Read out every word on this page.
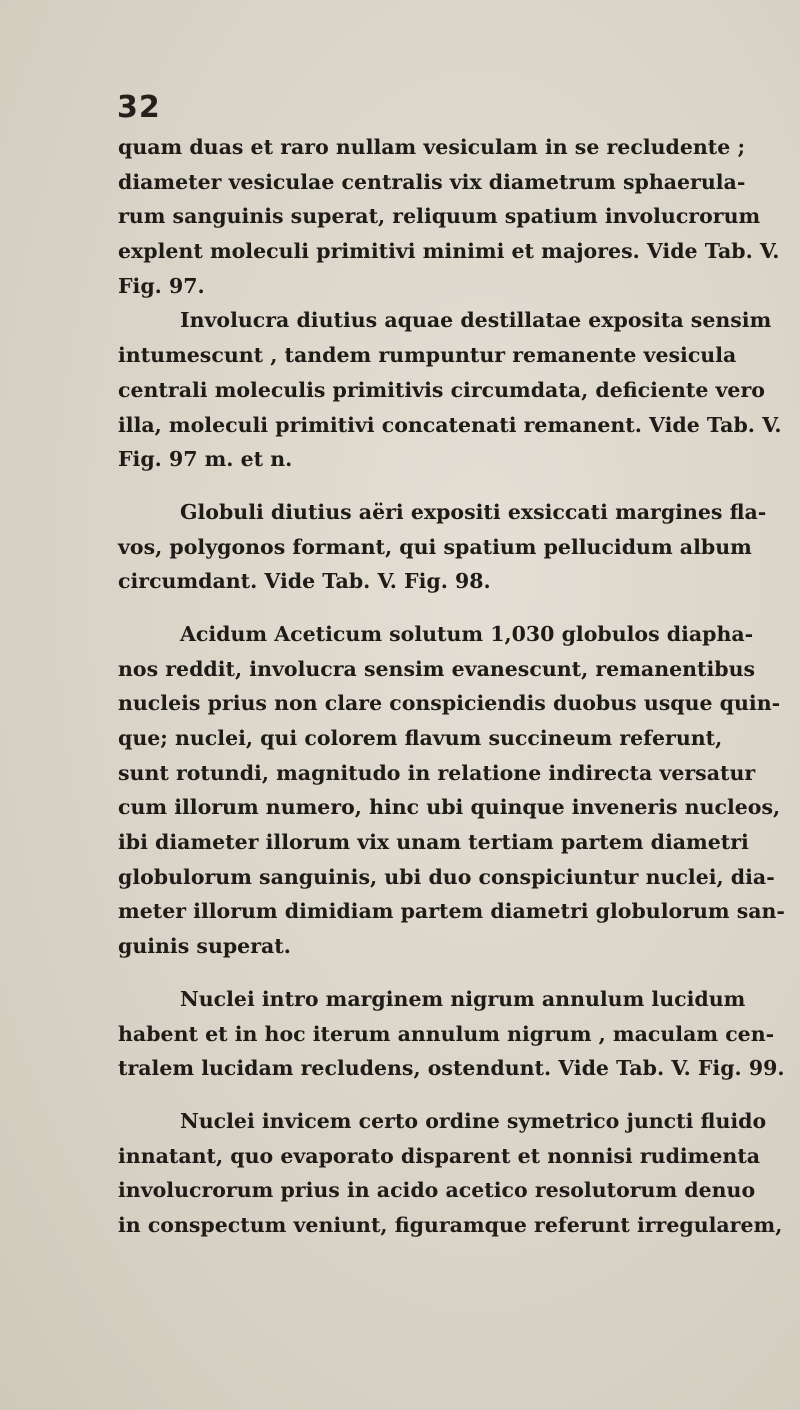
32
quam duas et raro nullam vesiculam in se recludente ;
diameter vesiculae centralis vix diametrum sphaerula-
rum sanguinis superat, reliquum spatium involucrorum
explent moleculi primitivi minimi et majores. Vide Tab. V.
Fig. 97.
Involucra diutius aquae destillatae exposita sensim
intumescunt , tandem rumpuntur remanente vesicula
centrali moleculis primitivis circumdata, deficiente vero
illa, moleculi primitivi concatenati remanent. Vide Tab. V.
Fig. 97 m. et n.
Globuli diutius aëri expositi exsiccati margines fla-
vos, polygonos formant, qui spatium pellucidum album
circumdant. Vide Tab. V. Fig. 98.
Acidum Aceticum solutum 1,030 globulos diapha-
nos reddit, involucra sensim evanescunt, remanentibus
nucleis prius non clare conspiciendis duobus usque quin-
que; nuclei, qui colorem flavum succineum referunt,
sunt rotundi, magnitudo in relatione indirecta versatur
cum illorum numero, hinc ubi quinque inveneris nucleos,
ibi diameter illorum vix unam tertiam partem diametri
globulorum sanguinis, ubi duo conspiciuntur nuclei, dia-
meter illorum dimidiam partem diametri globulorum san-
guinis superat.
Nuclei intro marginem nigrum annulum lucidum
habent et in hoc iterum annulum nigrum , maculam cen-
tralem lucidam recludens, ostendunt. Vide Tab. V. Fig. 99.
Nuclei invicem certo ordine symetrico juncti fluido
innatant, quo evaporato disparent et nonnisi rudimenta
involucrorum prius in acido acetico resolutorum denuo
in conspectum veniunt, figuramque referunt irregularem,
